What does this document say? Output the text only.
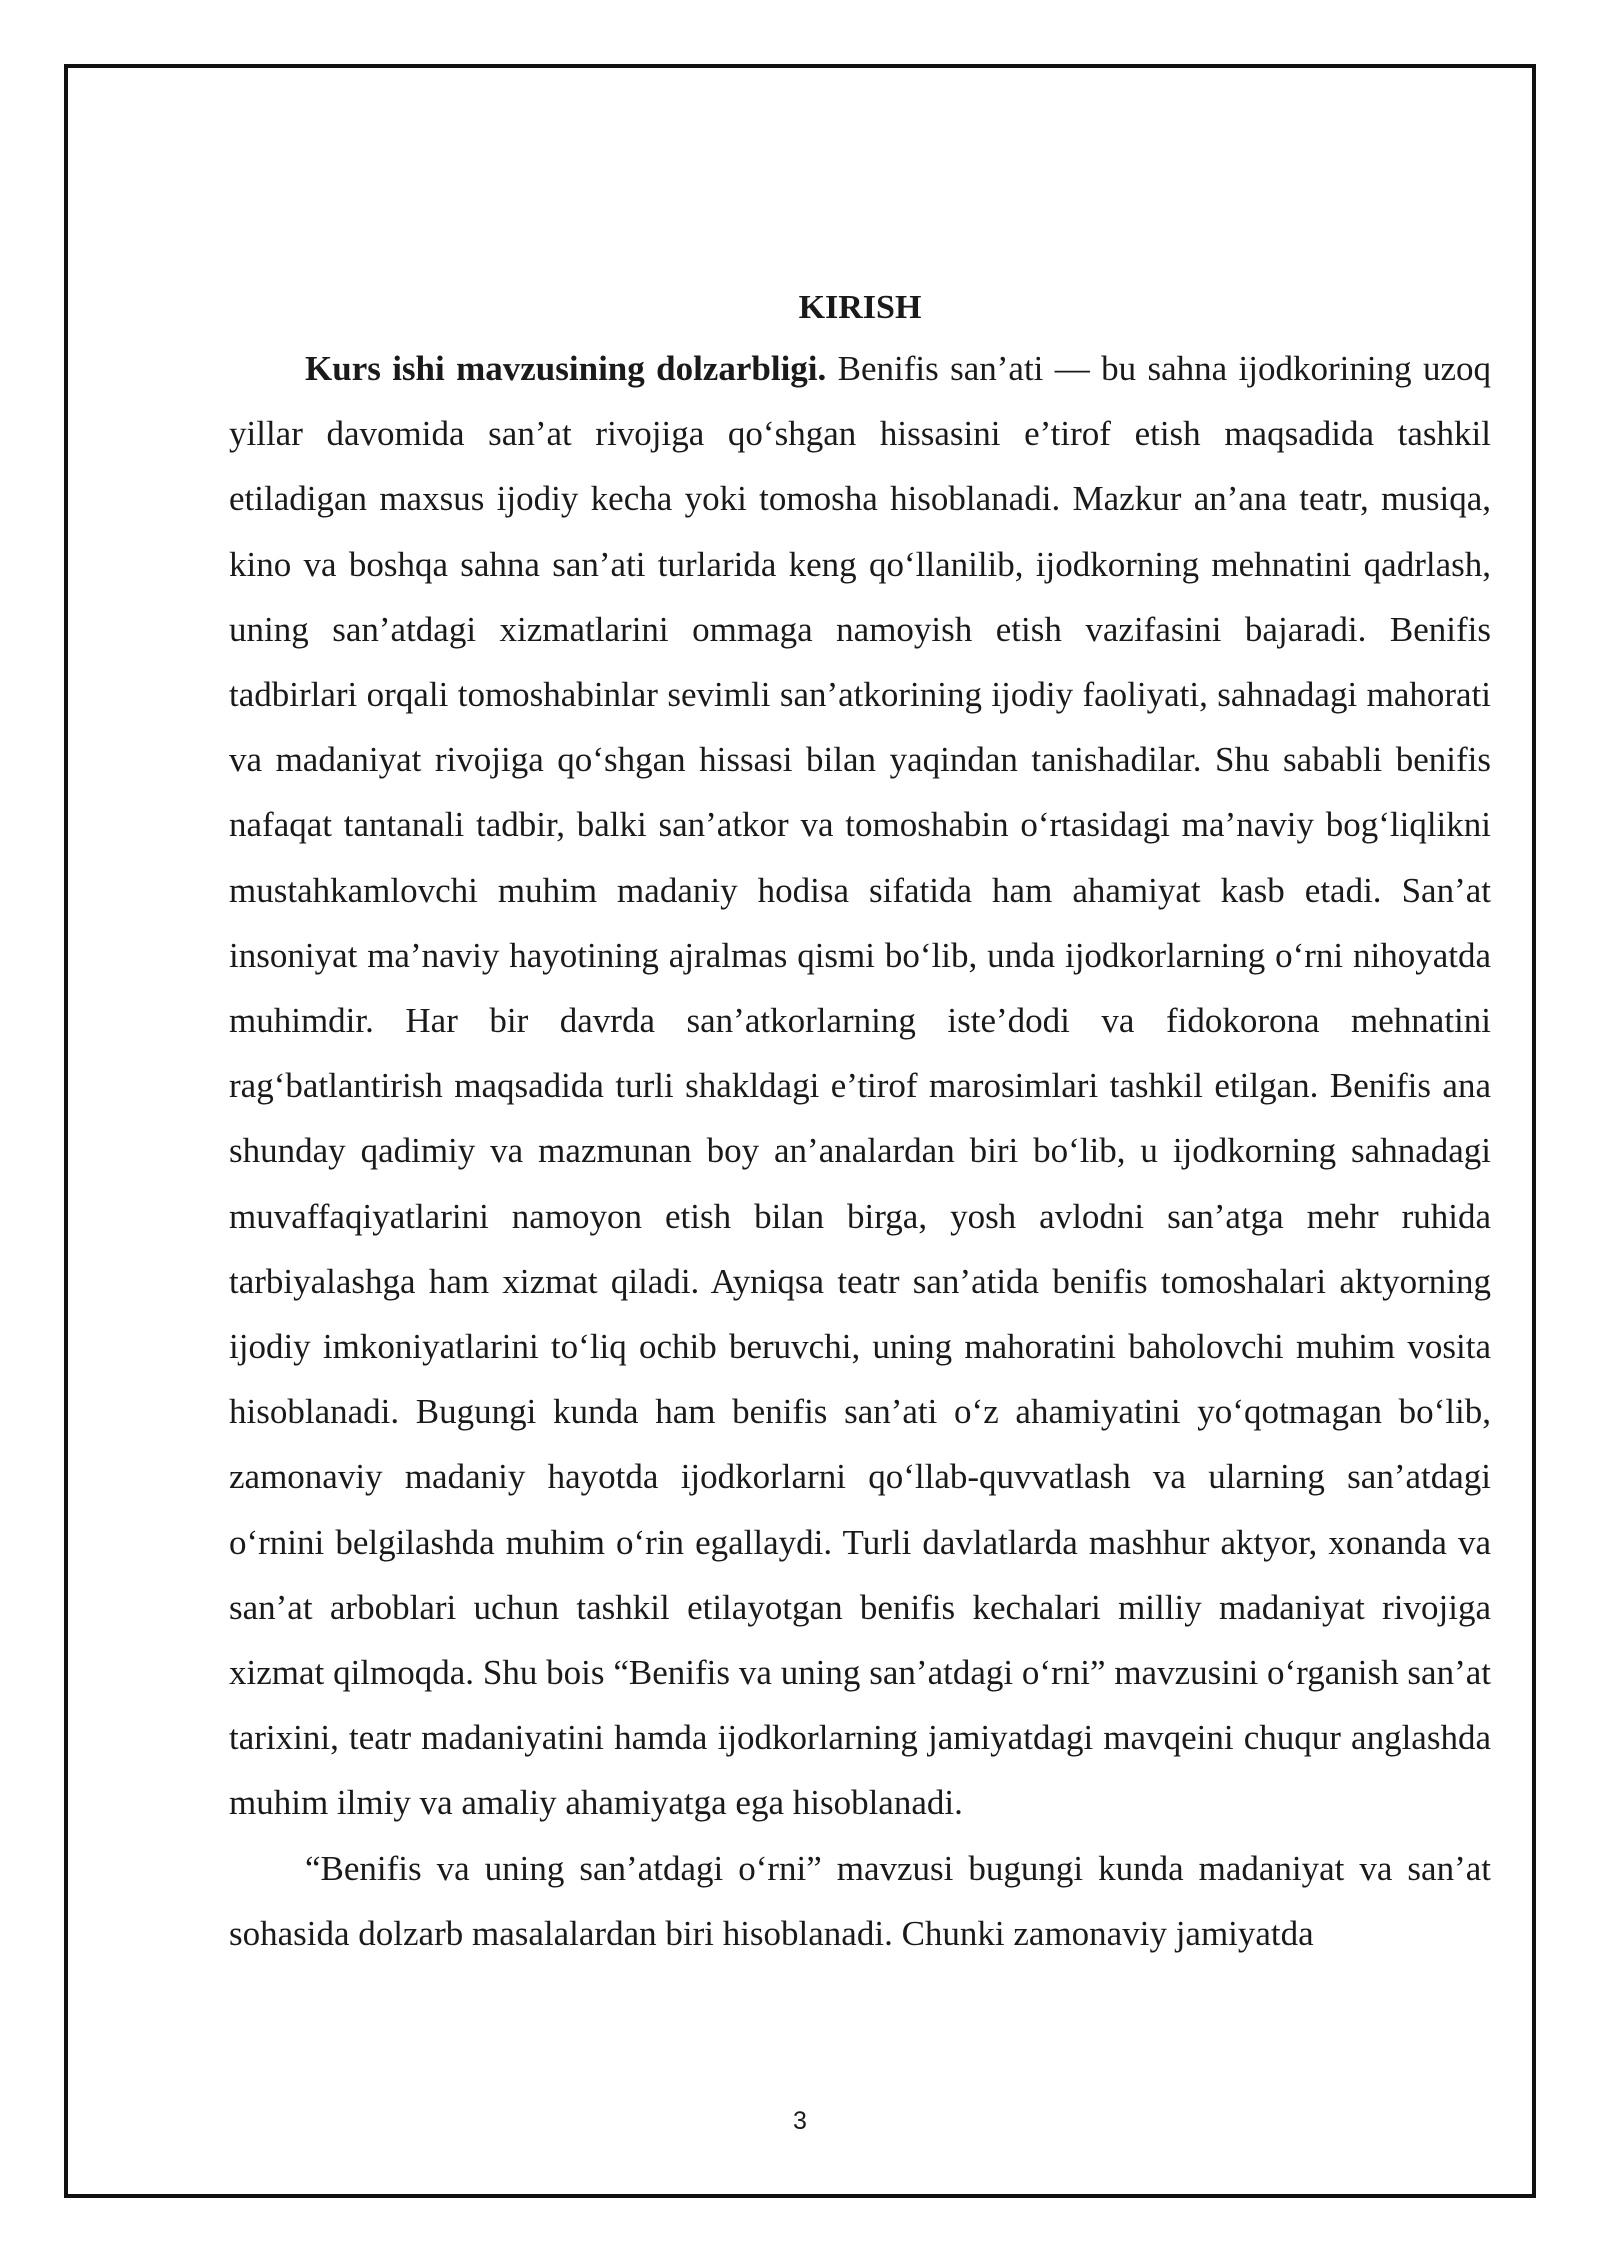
KIRISH

Kurs ishi mavzusining dolzarbligi. Benifis san’ati — bu sahna ijodkorining uzoq yillar davomida san’at rivojiga qo‘shgan hissasini e’tirof etish maqsadida tashkil etiladigan maxsus ijodiy kecha yoki tomosha hisoblanadi. Mazkur an’ana teatr, musiqa, kino va boshqa sahna san’ati turlarida keng qo‘llanilib, ijodkorning mehnatini qadrlash, uning san’atdagi xizmatlarini ommaga namoyish etish vazifasini bajaradi. Benifis tadbirlari orqali tomoshabinlar sevimli san’atkorining ijodiy faoliyati, sahnadagi mahorati va madaniyat rivojiga qo‘shgan hissasi bilan yaqindan tanishadilar. Shu sababli benifis nafaqat tantanali tadbir, balki san’atkor va tomoshabin o‘rtasidagi ma’naviy bog‘liqlikni mustahkamlovchi muhim madaniy hodisa sifatida ham ahamiyat kasb etadi. San’at insoniyat ma’naviy hayotining ajralmas qismi bo‘lib, unda ijodkorlarning o‘rni nihoyatda muhimdir. Har bir davrda san’atkorlarning iste’dodi va fidokorona mehnatini rag‘batlantirish maqsadida turli shakldagi e’tirof marosimlari tashkil etilgan. Benifis ana shunday qadimiy va mazmunan boy an’analardan biri bo‘lib, u ijodkorning sahnadagi muvaffaqiyatlarini namoyon etish bilan birga, yosh avlodni san’atga mehr ruhida tarbiyalashga ham xizmat qiladi. Ayniqsa teatr san’atida benifis tomoshalari aktyorning ijodiy imkoniyatlarini to‘liq ochib beruvchi, uning mahoratini baholovchi muhim vosita hisoblanadi. Bugungi kunda ham benifis san’ati o‘z ahamiyatini yo‘qotmagan bo‘lib, zamonaviy madaniy hayotda ijodkorlarni qo‘llab-quvvatlash va ularning san’atdagi o‘rnini belgilashda muhim o‘rin egallaydi. Turli davlatlarda mashhur aktyor, xonanda va san’at arboblari uchun tashkil etilayotgan benifis kechalari milliy madaniyat rivojiga xizmat qilmoqda. Shu bois “Benifis va uning san’atdagi o‘rni” mavzusini o‘rganish san’at tarixini, teatr madaniyatini hamda ijodkorlarning jamiyatdagi mavqeini chuqur anglashda muhim ilmiy va amaliy ahamiyatga ega hisoblanadi.

“Benifis va uning san’atdagi o‘rni” mavzusi bugungi kunda madaniyat va san’at sohasida dolzarb masalalardan biri hisoblanadi. Chunki zamonaviy jamiyatda

3
